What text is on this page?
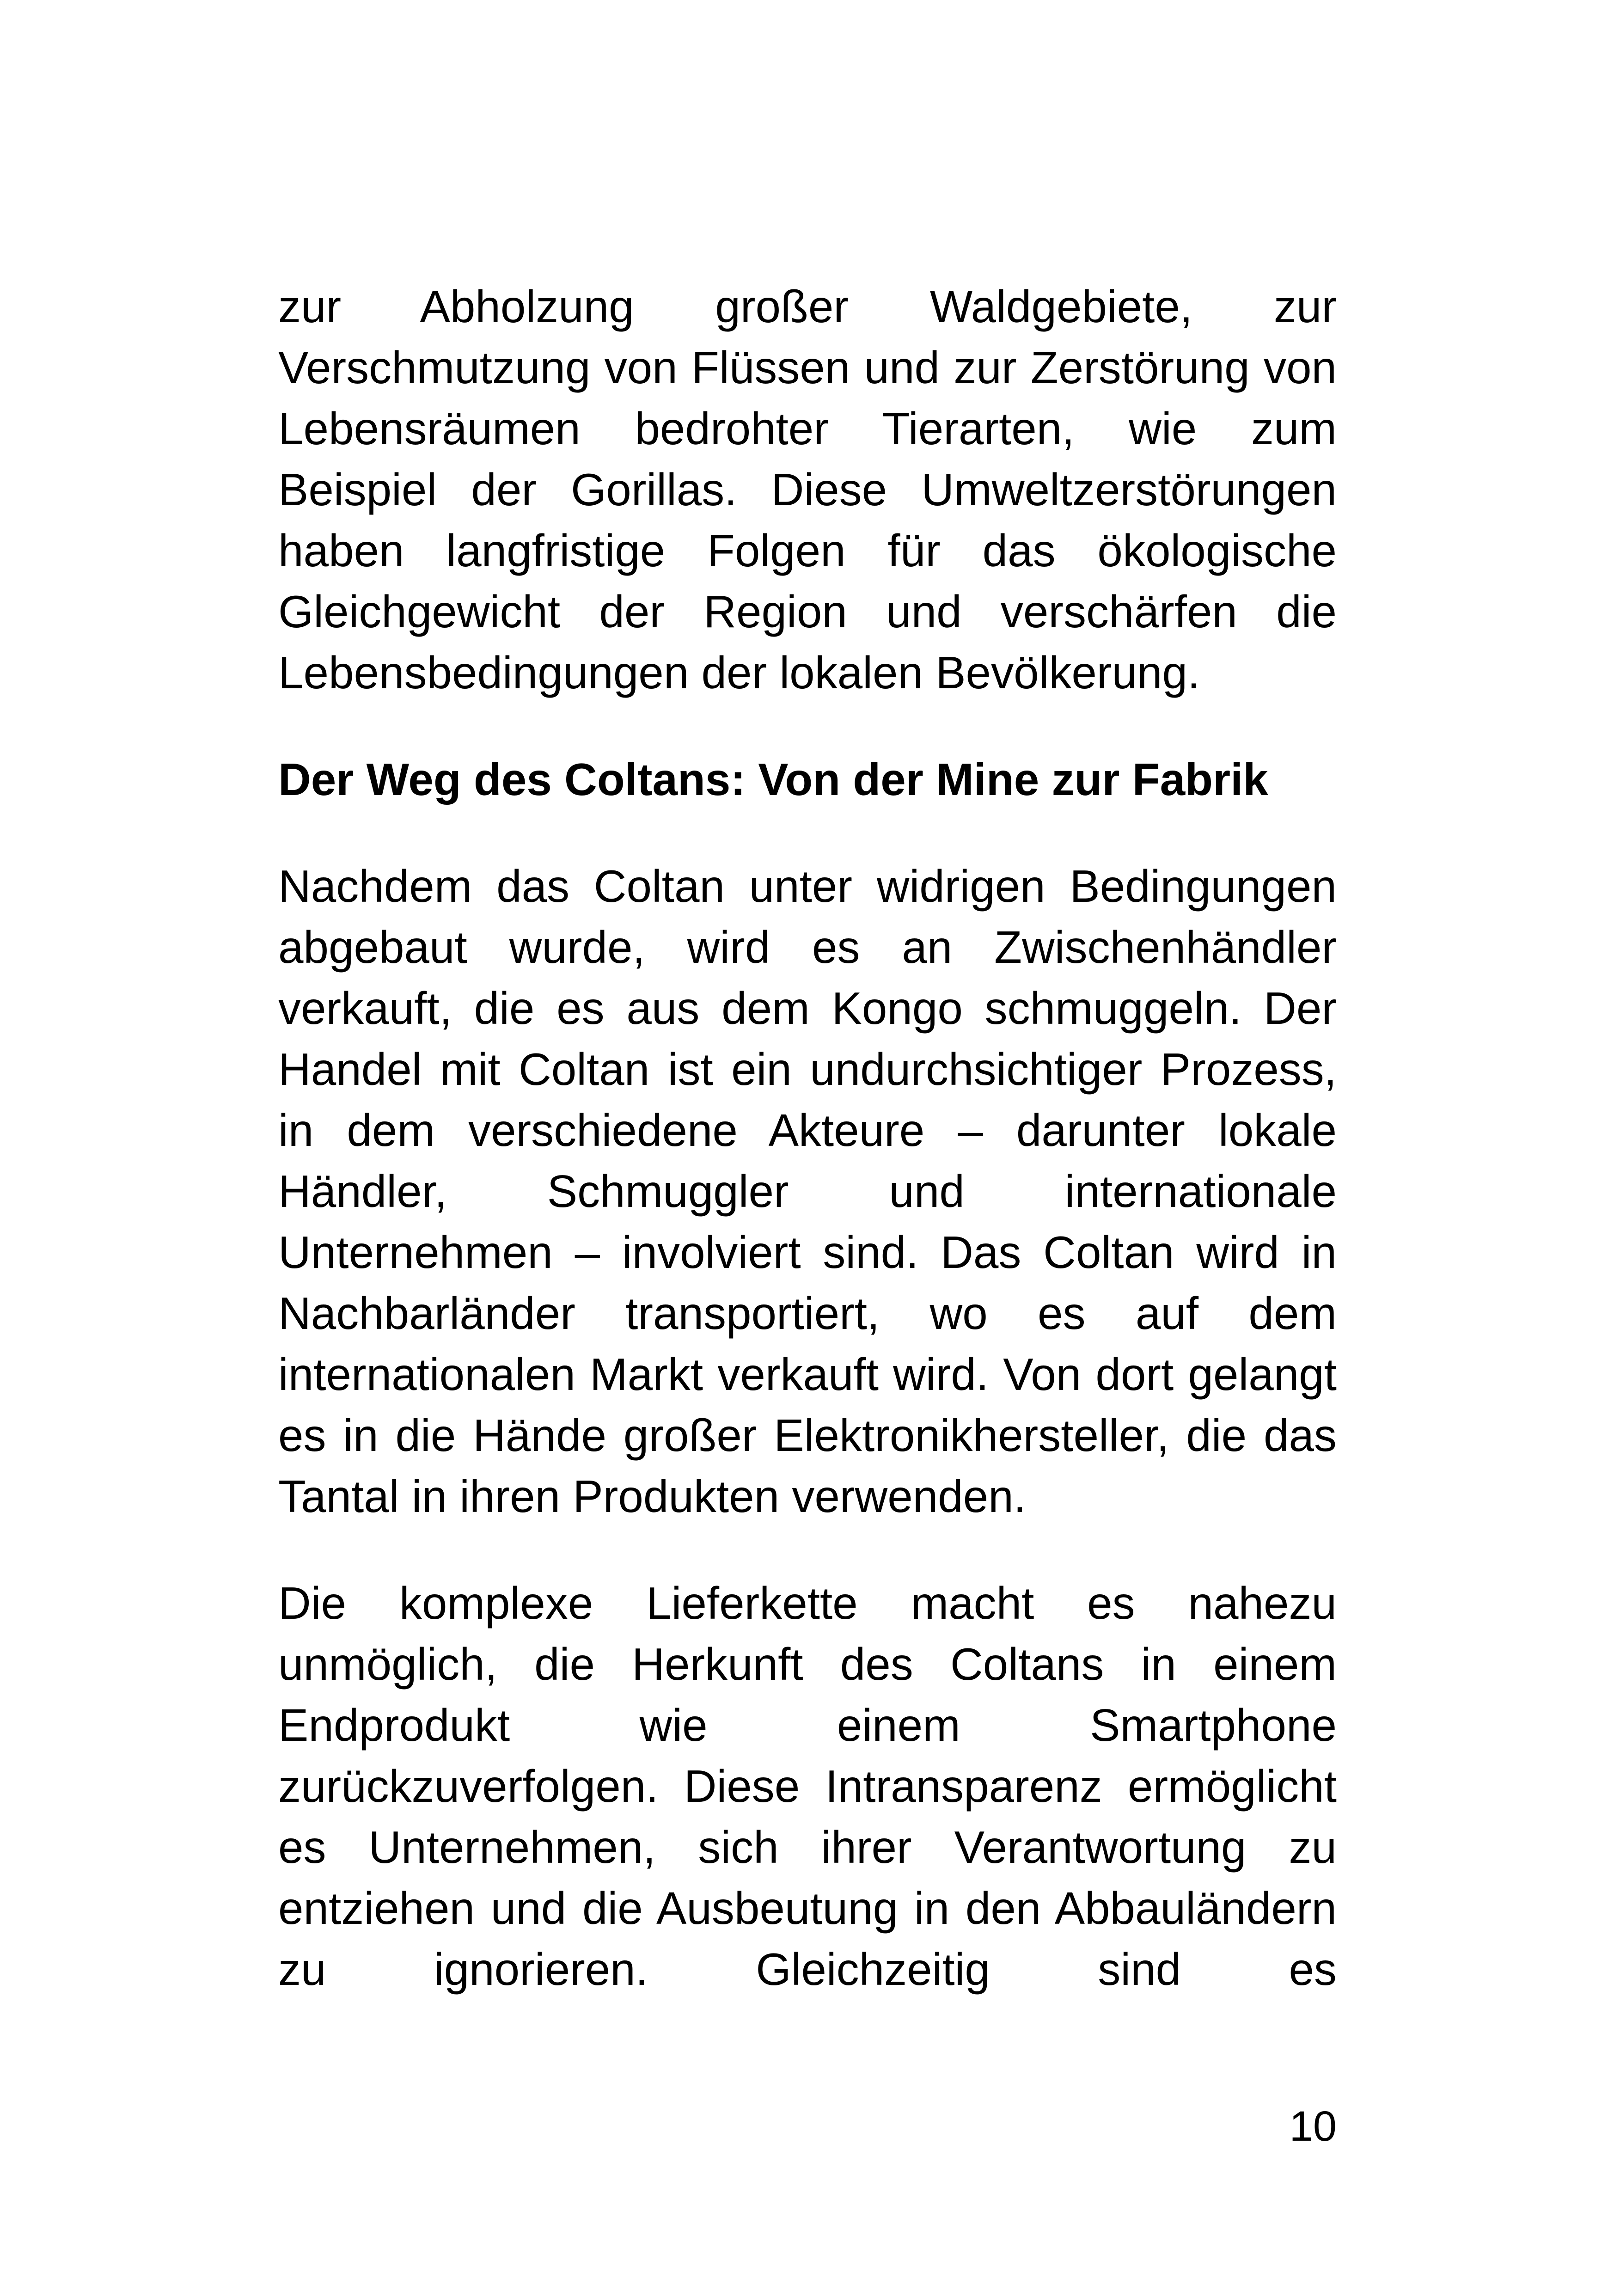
zur Abholzung großer Waldgebiete, zur Verschmutzung von Flüssen und zur Zerstörung von Lebensräumen bedrohter Tierarten, wie zum Beispiel der Gorillas. Diese Umweltzerstörungen haben langfristige Folgen für das ökologische Gleichgewicht der Region und verschärfen die Lebensbedingungen der lokalen Bevölkerung.

Der Weg des Coltans: Von der Mine zur Fabrik

Nachdem das Coltan unter widrigen Bedingungen abgebaut wurde, wird es an Zwischenhändler verkauft, die es aus dem Kongo schmuggeln. Der Handel mit Coltan ist ein undurchsichtiger Prozess, in dem verschiedene Akteure – darunter lokale Händler, Schmuggler und internationale Unternehmen – involviert sind. Das Coltan wird in Nachbarländer transportiert, wo es auf dem internationalen Markt verkauft wird. Von dort gelangt es in die Hände großer Elektronikhersteller, die das Tantal in ihren Produkten verwenden.

Die komplexe Lieferkette macht es nahezu unmöglich, die Herkunft des Coltans in einem Endprodukt wie einem Smartphone zurückzuverfolgen. Diese Intransparenz ermöglicht es Unternehmen, sich ihrer Verantwortung zu entziehen und die Ausbeutung in den Abbauländern zu ignorieren. Gleichzeitig sind es

10
